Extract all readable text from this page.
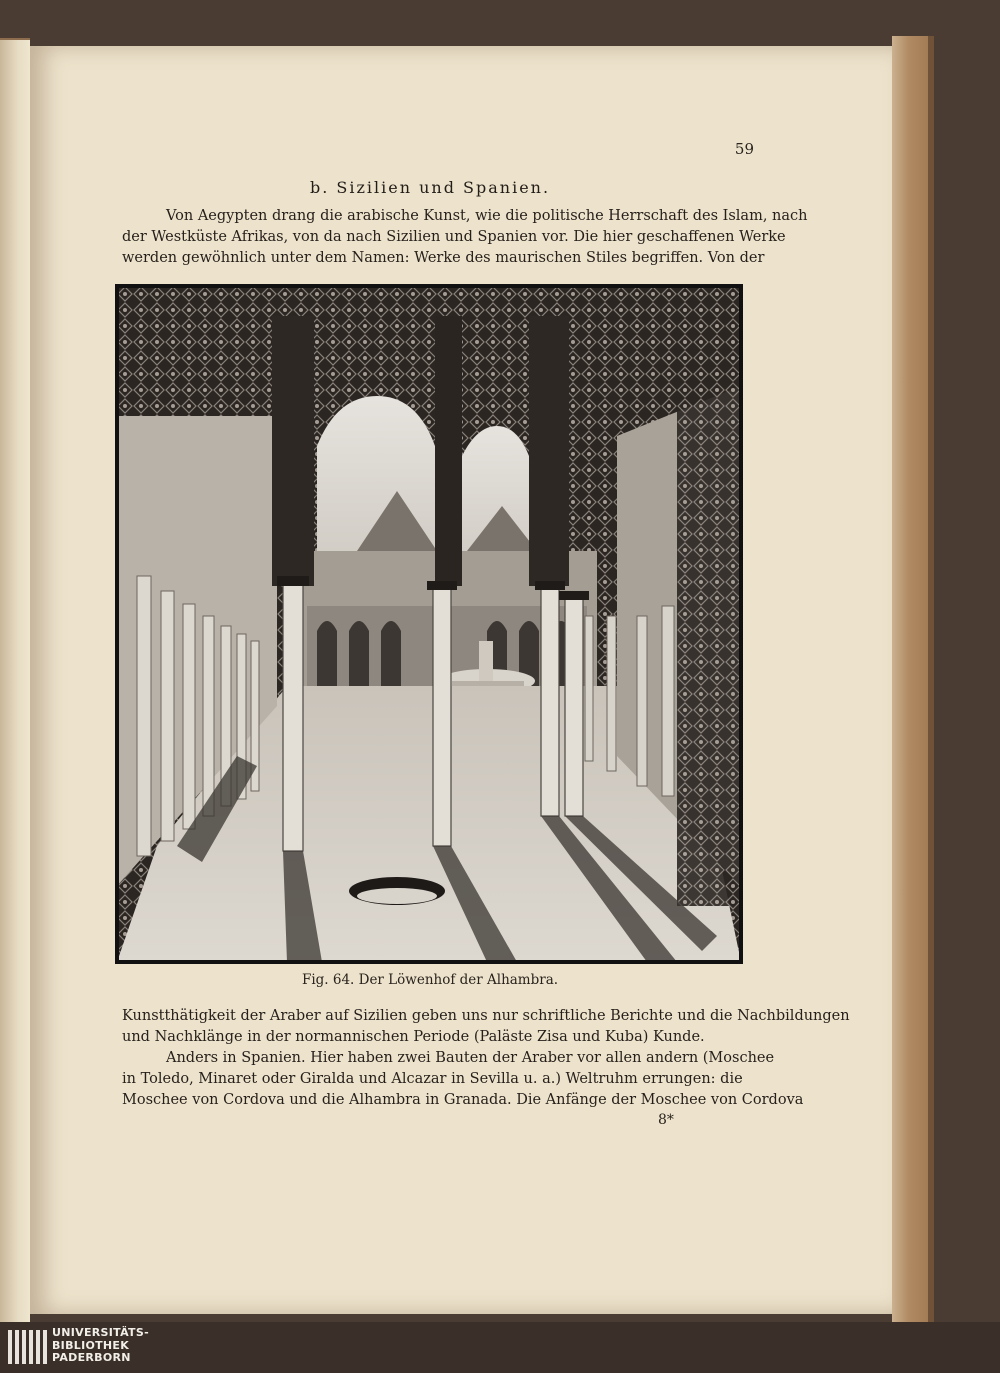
59
b. Sizilien und Spanien.
Von Aegypten drang die arabische Kunst, wie die politische Herrschaft des Islam, nach
der Westküste Afrikas, von da nach Sizilien und Spanien vor. Die hier geschaffenen Werke
werden gewöhnlich unter dem Namen: Werke des maurischen Stiles begriffen. Von der
Fig. 64. Der Löwenhof der Alhambra.
Kunstthätigkeit der Araber auf Sizilien geben uns nur schriftliche Berichte und die Nachbildungen
und Nachklänge in der normannischen Periode (Paläste Zisa und Kuba) Kunde.
Anders in Spanien. Hier haben zwei Bauten der Araber vor allen andern (Moschee
in Toledo, Minaret oder Giralda und Alcazar in Sevilla u. a.) Weltruhm errungen: die
Moschee von Cordova und die Alhambra in Granada. Die Anfänge der Moschee von Cordova
8*
UNIVERSITÄTS-
BIBLIOTHEK
PADERBORN
